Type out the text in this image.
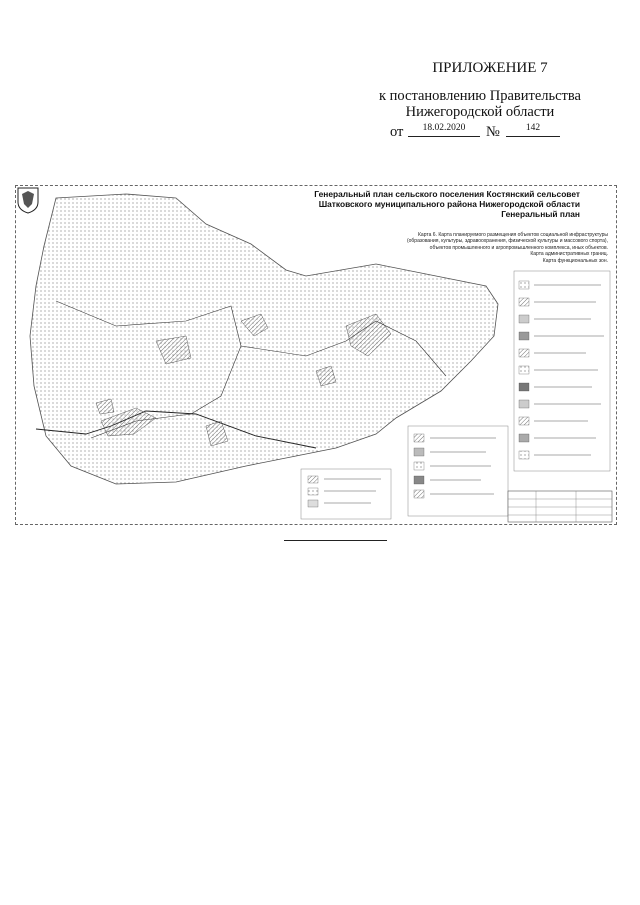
ПРИЛОЖЕНИЕ 7
к постановлению Правительства
Нижегородской области
от	18.02.2020	№	142
Генеральный план сельского поселения Костянский сельсовет
Шатковского муниципального района Нижегородской области
Генеральный план
Карта 6. Карта планируемого размещения объектов социальной инфраструктуры
(образования, культуры, здравоохранения, физической культуры и массового спорта),
объектов промышленного и агропромышленного комплекса, иных объектов.
Карта административных границ.
Карта функциональных зон.
